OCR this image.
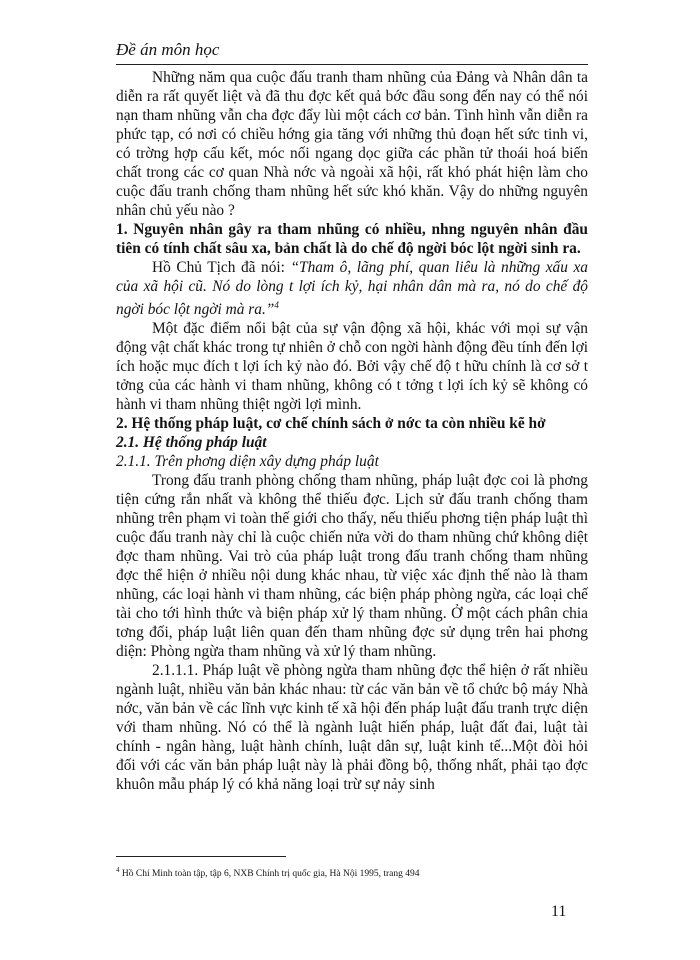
Đề án môn học

Những năm qua cuộc đấu tranh tham nhũng của Đảng và Nhân dân ta diễn ra rất quyết liệt và đã thu đợc kết quả bớc đầu song đến nay có thể nói nạn tham nhũng vẫn cha đợc đẩy lùi một cách cơ bản. Tình hình vẫn diễn ra phức tạp, có nơi có chiều hớng gia tăng với những thủ đoạn hết sức tinh vi, có trờng hợp cấu kết, móc nối ngang dọc giữa các phần tử thoái hoá biến chất trong các cơ quan Nhà nớc và ngoài xã hội, rất khó phát hiện làm cho cuộc đấu tranh chống tham nhũng hết sức khó khăn. Vậy do những nguyên nhân chủ yếu nào ?

1. Nguyên nhân gây ra tham nhũng có nhiều, nhng nguyên nhân đầu tiên có tính chất sâu xa, bản chất là do chế độ ngời bóc lột ngời sinh ra.

Hồ Chủ Tịch đã nói: “Tham ô, lãng phí, quan liêu là những xấu xa của xã hội cũ. Nó do lòng t lợi ích kỷ, hại nhân dân mà ra, nó do chế độ ngời bóc lột ngời mà ra.”$^4$

Một đặc điểm nổi bật của sự vận động xã hội, khác với mọi sự vận động vật chất khác trong tự nhiên ở chỗ con ngời hành động đều tính đến lợi ích hoặc mục đích t lợi ích kỷ nào đó. Bởi vậy chế độ t hữu chính là cơ sở t tởng của các hành vi tham nhũng, không có t tởng t lợi ích kỷ sẽ không có hành vi tham nhũng thiệt ngời lợi mình.

2. Hệ thống pháp luật, cơ chế chính sách ở nớc ta còn nhiều kẽ hở

2.1. Hệ thống pháp luật

2.1.1. Trên phơng diện xây dựng pháp luật

Trong đấu tranh phòng chống tham nhũng, pháp luật đợc coi là phơng tiện cứng rắn nhất và không thể thiếu đợc. Lịch sử đấu tranh chống tham nhũng trên phạm vi toàn thế giới cho thấy, nếu thiếu phơng tiện pháp luật thì cuộc đấu tranh này chỉ là cuộc chiến nửa vời do tham nhũng chứ không diệt đợc tham nhũng. Vai trò của pháp luật trong đấu tranh chống tham nhũng đợc thể hiện ở nhiều nội dung khác nhau, từ việc xác định thế nào là tham nhũng, các loại hành vi tham nhũng, các biện pháp phòng ngừa, các loại chế tài cho tới hình thức và biện pháp xử lý tham nhũng. Ở một cách phân chia tơng đối, pháp luật liên quan đến tham nhũng đợc sử dụng trên hai phơng diện: Phòng ngừa tham nhũng và xử lý tham nhũng.

2.1.1.1. Pháp luật về phòng ngừa tham nhũng đợc thể hiện ở rất nhiều ngành luật, nhiều văn bản khác nhau: từ các văn bản về tổ chức bộ máy Nhà nớc, văn bản về các lĩnh vực kinh tế xã hội đến pháp luật đấu tranh trực diện với tham nhũng. Nó có thể là ngành luật hiến pháp, luật đất đai, luật tài chính - ngân hàng, luật hành chính, luật dân sự, luật kinh tế...Một đòi hỏi đối với các văn bản pháp luật này là phải đồng bộ, thống nhất, phải tạo đợc khuôn mẫu pháp lý có khả năng loại trừ sự nảy sinh

$^4$ Hồ Chí Minh toàn tập, tập 6, NXB Chính trị quốc gia, Hà Nội 1995, trang 494
11
